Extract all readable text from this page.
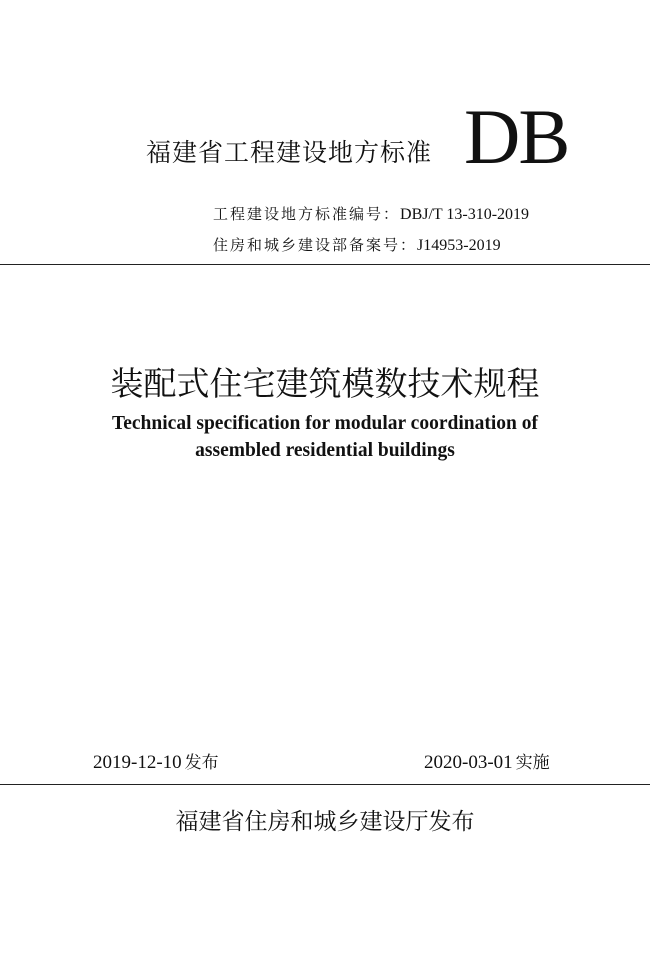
福建省工程建设地方标准 DB
工程建设地方标准编号：DBJ/T 13-310-2019
住房和城乡建设部备案号：J14953-2019
装配式住宅建筑模数技术规程
Technical specification for modular coordination of
assembled residential buildings
2019-12-10 发布	2020-03-01 实施
福建省住房和城乡建设厅发布
